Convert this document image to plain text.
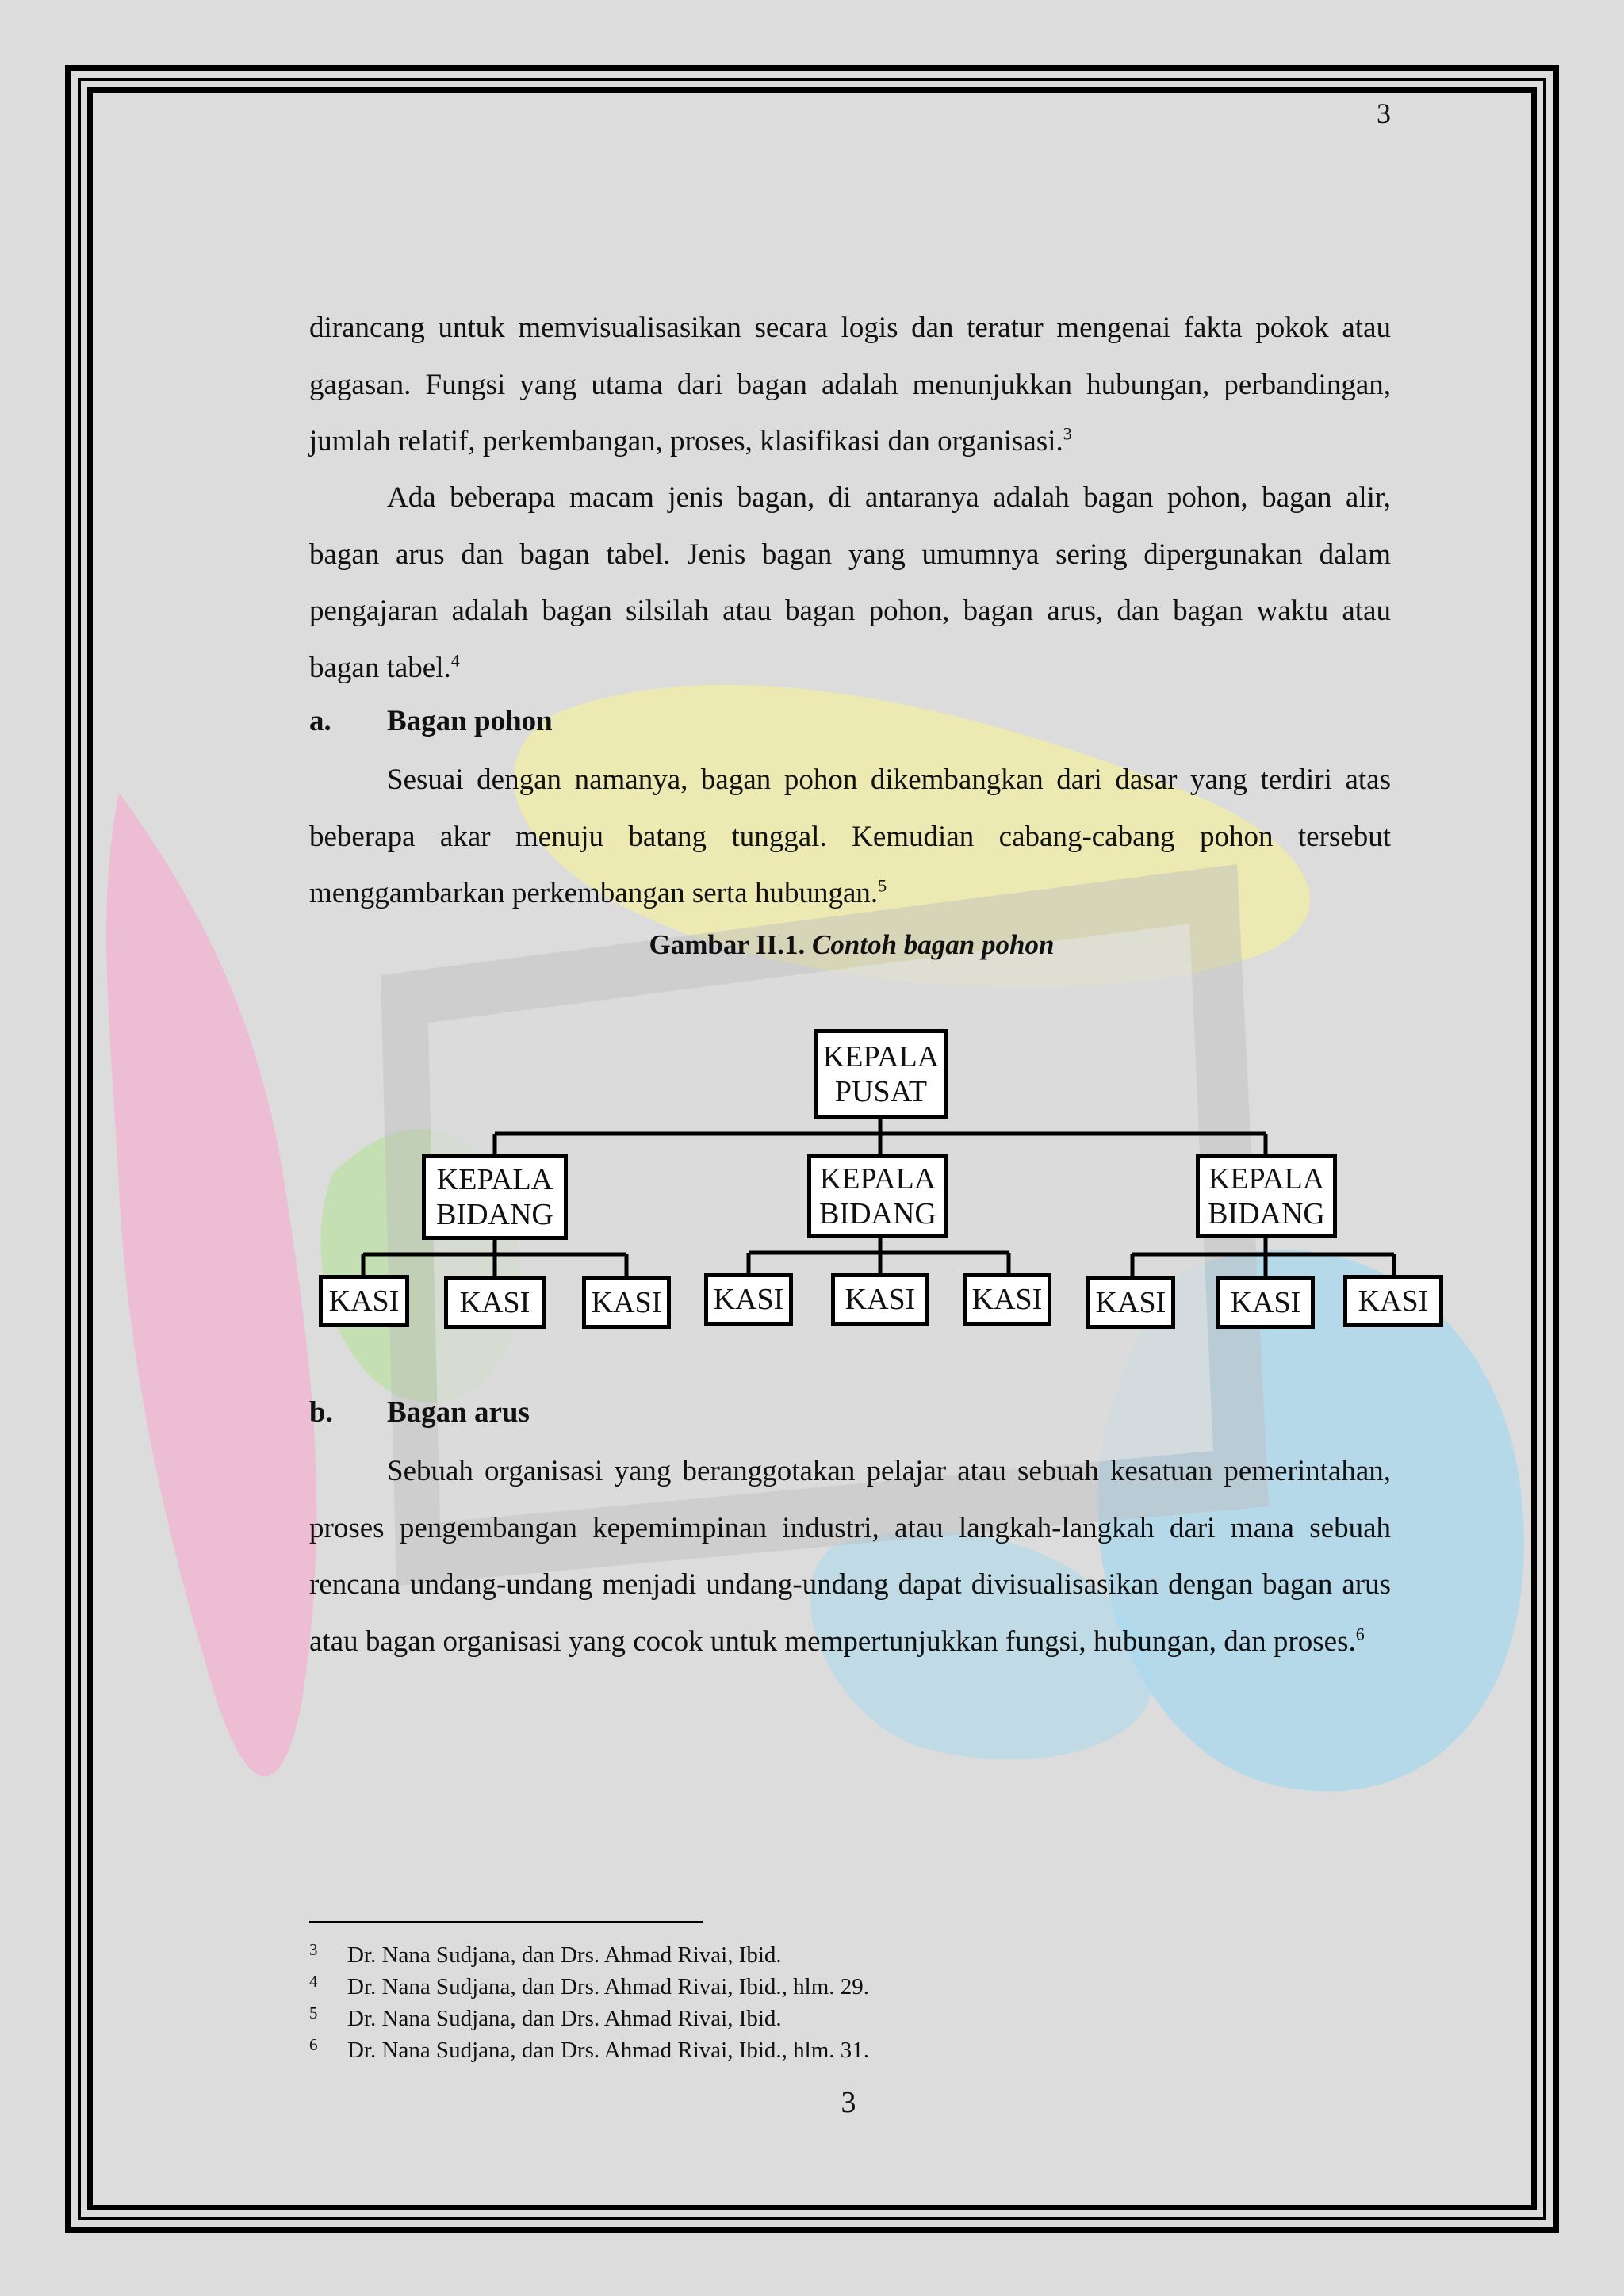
3

dirancang untuk memvisualisasikan secara logis dan teratur mengenai fakta pokok atau gagasan. Fungsi yang utama dari bagan adalah menunjukkan hubungan, perbandingan, jumlah relatif, perkembangan, proses, klasifikasi dan organisasi.$^3$

Ada beberapa macam jenis bagan, di antaranya adalah bagan pohon, bagan alir, bagan arus dan bagan tabel. Jenis bagan yang umumnya sering dipergunakan dalam pengajaran adalah bagan silsilah atau bagan pohon, bagan arus, dan bagan waktu atau bagan tabel.$^4$

a.	Bagan pohon

Sesuai dengan namanya, bagan pohon dikembangkan dari dasar yang terdiri atas beberapa akar menuju batang tunggal. Kemudian cabang-cabang pohon tersebut menggambarkan perkembangan serta hubungan.$^5$

Gambar II.1. Contoh bagan pohon
KEPALA
PUSAT
KEPALA
BIDANG
KEPALA
BIDANG
KEPALA
BIDANG
KASI	KASI	KASI	KASI	KASI	KASI	KASI	KASI	KASI
b.	Bagan arus

Sebuah organisasi yang beranggotakan pelajar atau sebuah kesatuan pemerintahan, proses pengembangan kepemimpinan industri, atau langkah-langkah dari mana sebuah rencana undang-undang menjadi undang-undang dapat divisualisasikan dengan bagan arus atau bagan organisasi yang cocok untuk mempertunjukkan fungsi, hubungan, dan proses.$^6$

3	Dr. Nana Sudjana, dan Drs. Ahmad Rivai, Ibid.
4	Dr. Nana Sudjana, dan Drs. Ahmad Rivai, Ibid., hlm. 29.
5	Dr. Nana Sudjana, dan Drs. Ahmad Rivai, Ibid.
6	Dr. Nana Sudjana, dan Drs. Ahmad Rivai, Ibid., hlm. 31.
3
